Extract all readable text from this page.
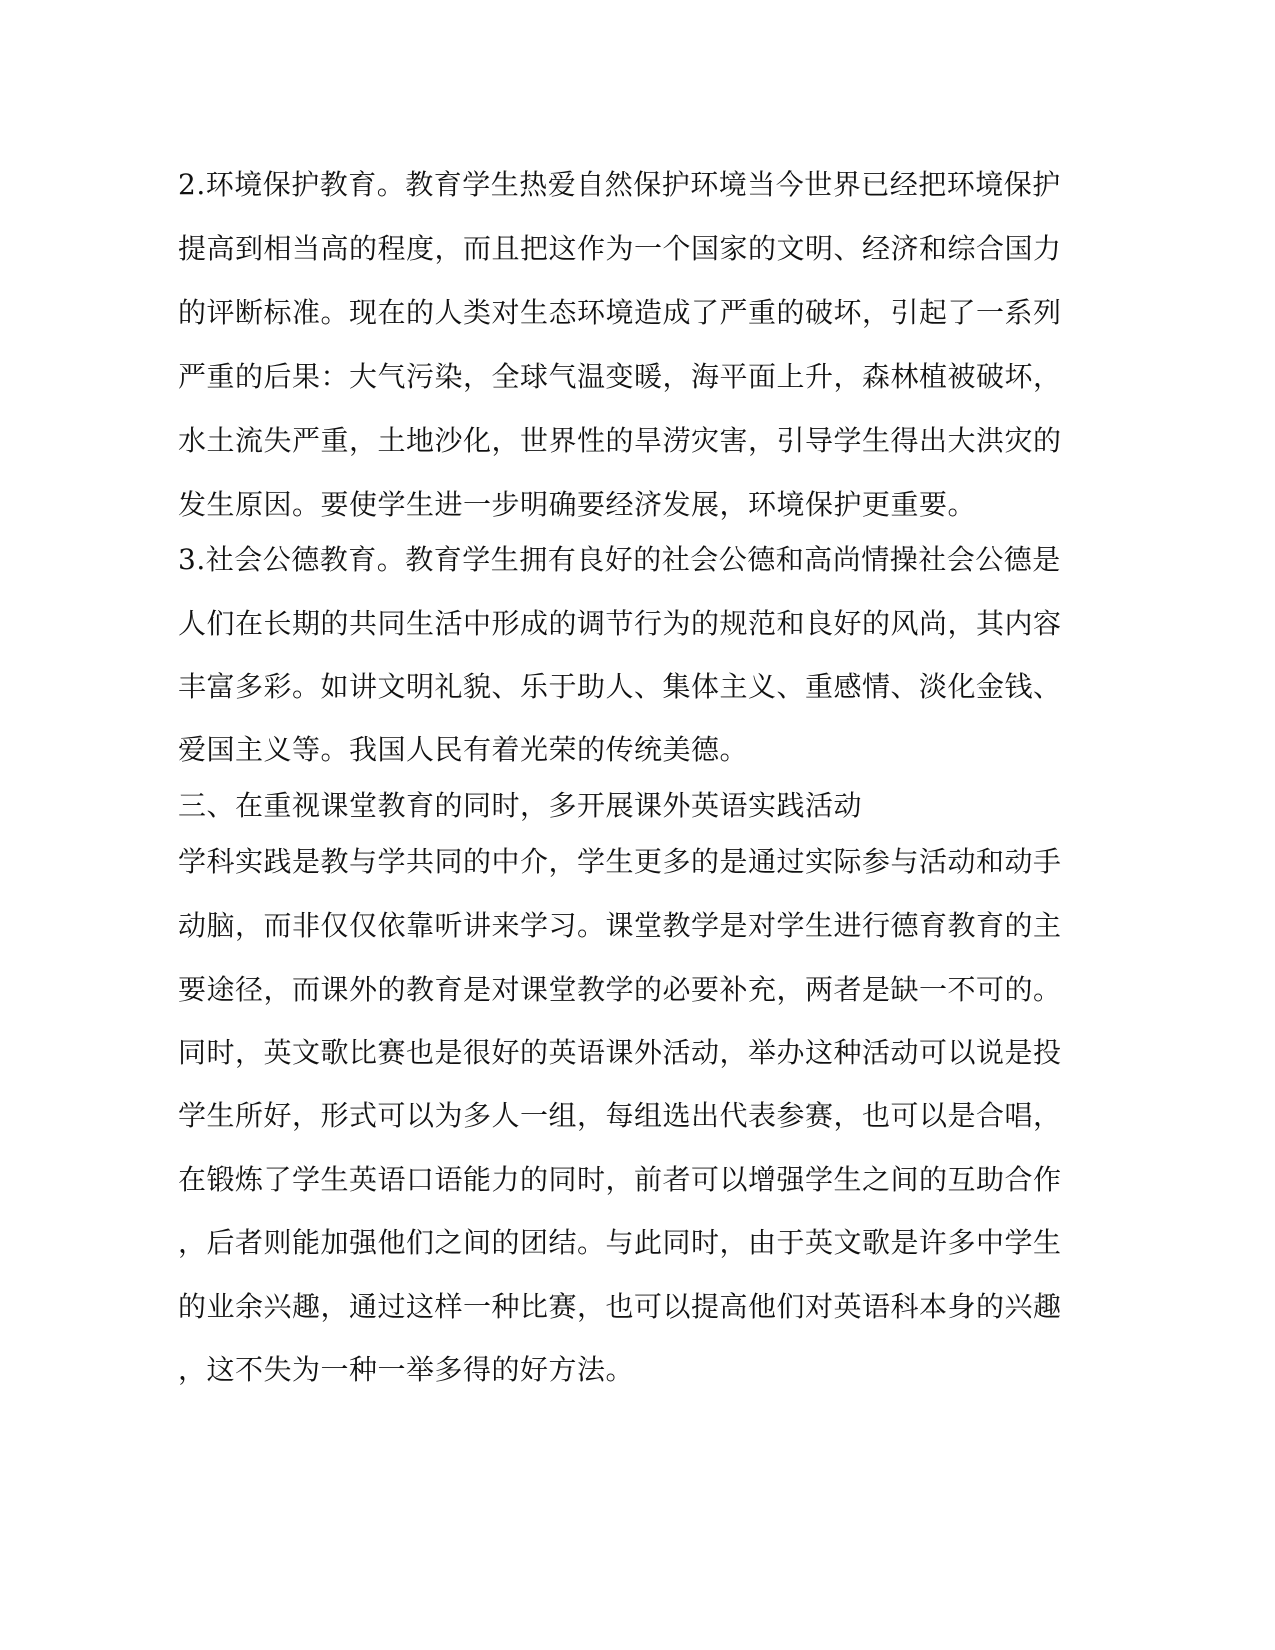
2.环境保护教育。教育学生热爱自然保护环境当今世界已经把环境保护
提高到相当高的程度，而且把这作为一个国家的文明、经济和综合国力
的评断标准。现在的人类对生态环境造成了严重的破坏，引起了一系列
严重的后果：大气污染，全球气温变暖，海平面上升，森林植被破坏，
水土流失严重，土地沙化，世界性的旱涝灾害，引导学生得出大洪灾的
发生原因。要使学生进一步明确要经济发展，环境保护更重要。
3.社会公德教育。教育学生拥有良好的社会公德和高尚情操社会公德是
人们在长期的共同生活中形成的调节行为的规范和良好的风尚，其内容
丰富多彩。如讲文明礼貌、乐于助人、集体主义、重感情、淡化金钱、
爱国主义等。我国人民有着光荣的传统美德。
三、在重视课堂教育的同时，多开展课外英语实践活动
学科实践是教与学共同的中介，学生更多的是通过实际参与活动和动手
动脑，而非仅仅依靠听讲来学习。课堂教学是对学生进行德育教育的主
要途径，而课外的教育是对课堂教学的必要补充，两者是缺一不可的。
同时，英文歌比赛也是很好的英语课外活动，举办这种活动可以说是投
学生所好，形式可以为多人一组，每组选出代表参赛，也可以是合唱，
在锻炼了学生英语口语能力的同时，前者可以增强学生之间的互助合作
，后者则能加强他们之间的团结。与此同时，由于英文歌是许多中学生
的业余兴趣，通过这样一种比赛，也可以提高他们对英语科本身的兴趣
，这不失为一种一举多得的好方法。
